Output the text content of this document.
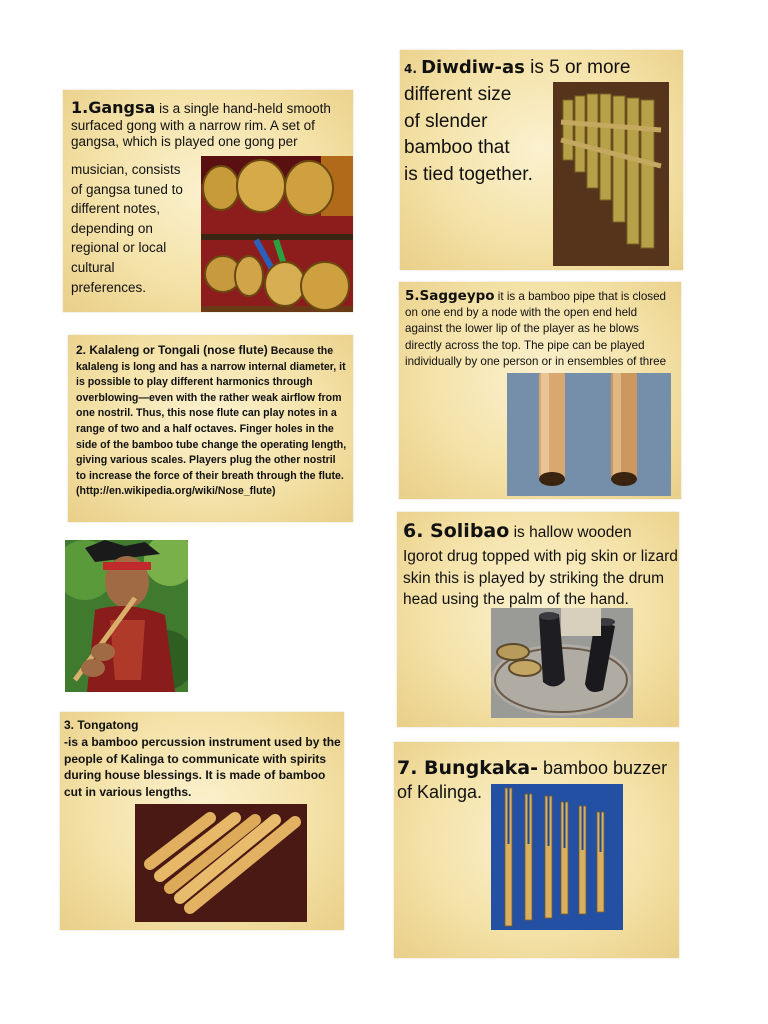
1.Gangsa is a single hand-held smooth surfaced gong with a narrow rim. A set of gangsa, which is played one gong per
musician, consists
of gangsa tuned to
different notes,
depending on
regional or local
cultural
preferences.
2. Kalaleng or Tongali (nose flute) Because the kalaleng is long and has a narrow internal diameter, it is possible to play different harmonics through overblowing—even with the rather weak airflow from one nostril. Thus, this nose flute can play notes in a range of two and a half octaves. Finger holes in the side of the bamboo tube change the operating length, giving various scales. Players plug the other nostril to increase the force of their breath through the flute. (http://en.wikipedia.org/wiki/Nose_flute)
3. Tongatong
-is a bamboo percussion instrument used by the people of Kalinga to communicate with spirits during house blessings. It is made of bamboo cut in various lengths.
4. Diwdiw-as is 5 or more
different size
of slender
bamboo that
is tied together.
5.Saggeypo it is a bamboo pipe that is closed on one end by a node with the open end held against the lower lip of the player as he blows directly across the top. The pipe can be played individually by one person or in ensembles of three
6. Solibao is hallow wooden
Igorot drug topped with pig skin or lizard skin this is played by striking the drum head using the palm of the hand.
7. Bungkaka- bamboo buzzer of Kalinga.
